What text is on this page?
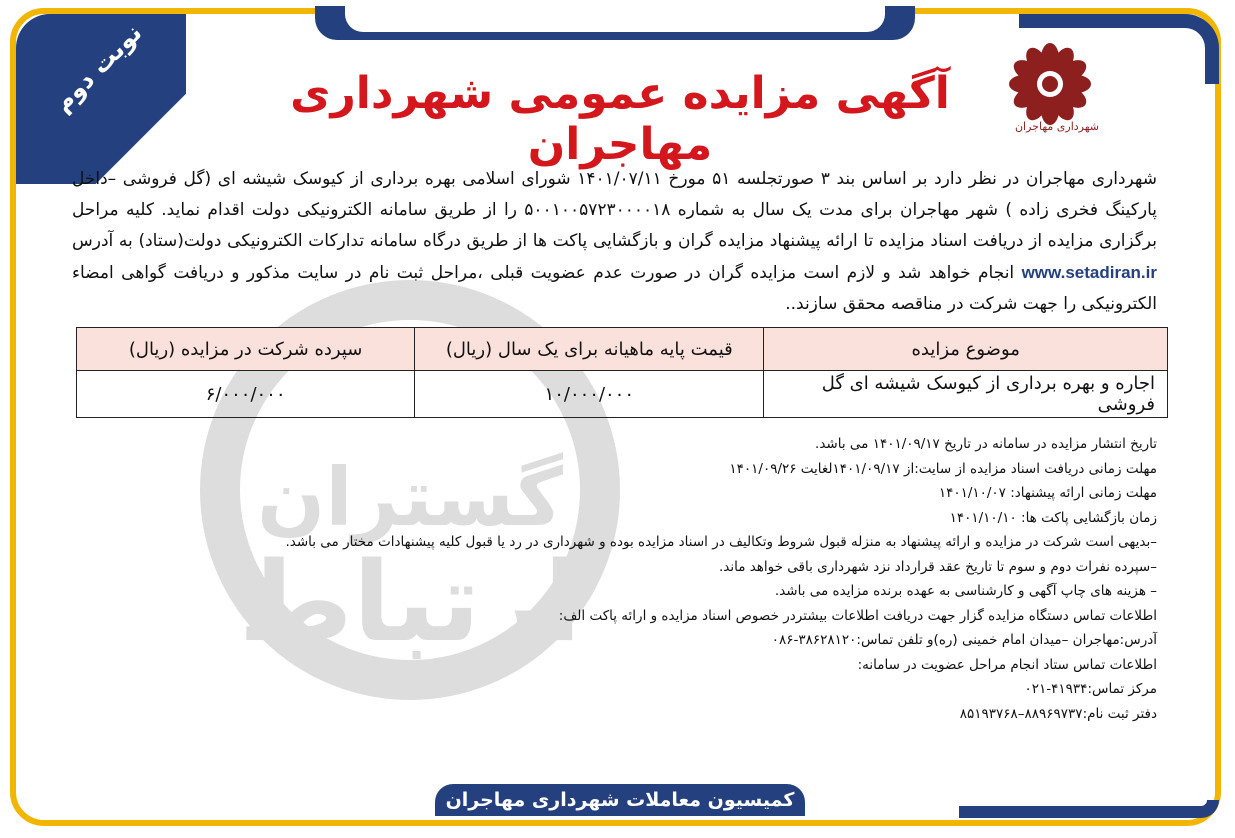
نوبت دوم
شهرداری مهاجران
آگهی مزایده عمومی شهرداری مهاجران

شهرداری مهاجران در نظر دارد بر اساس بند ۳ صورتجلسه ۵۱ مورخ ۱۴۰۱/۰۷/۱۱ شورای اسلامی بهره برداری از کیوسک شیشه ای (گل فروشی –داخل پارکینگ فخری زاده ) شهر مهاجران برای مدت یک سال به شماره ۵۰۰۱۰۰۵۷۲۳۰۰۰۰۱۸ را از طریق سامانه الکترونیکی دولت اقدام نماید. کلیه مراحل برگزاری مزایده از دریافت اسناد مزایده تا ارائه پیشنهاد مزایده گران و بازگشایی پاکت ها از طریق درگاه سامانه تدارکات الکترونیکی دولت(ستاد) به آدرس www.setadiran.ir انجام خواهد شد و لازم است مزایده گران در صورت عدم عضویت قبلی ،مراحل ثبت نام در سایت مذکور و دریافت گواهی امضاء الکترونیکی را جهت شرکت در مناقصه محقق سازند..

موضوع مزایده	قیمت پایه ماهیانه برای یک سال (ریال)	سپرده شرکت در مزایده (ریال)
اجاره و بهره برداری از کیوسک شیشه ای گل فروشی	۱۰/۰۰۰/۰۰۰	۶/۰۰۰/۰۰۰
تاریخ انتشار مزایده در سامانه در تاریخ ۱۴۰۱/۰۹/۱۷ می باشد.
مهلت زمانی دریافت اسناد مزایده از سایت:از ۱۴۰۱/۰۹/۱۷لغایت ۱۴۰۱/۰۹/۲۶
مهلت زمانی ارائه پیشنهاد: ۱۴۰۱/۱۰/۰۷
زمان بازگشایی پاکت ها: ۱۴۰۱/۱۰/۱۰
–بدیهی است شرکت در مزایده و ارائه پیشنهاد به منزله قبول شروط وتکالیف در اسناد مزایده بوده و شهرداری در رد یا قبول کلیه پیشنهادات مختار می باشد.
–سپرده نفرات دوم و سوم تا تاریخ عقد قرارداد نزد شهرداری باقی خواهد ماند.
– هزینه های چاپ آگهی و کارشناسی به عهده برنده مزایده می باشد.
اطلاعات تماس دستگاه مزایده گزار جهت دریافت اطلاعات بیشتردر خصوص اسناد مزایده و ارائه پاکت الف:
آدرس:مهاجران –میدان امام خمینی (ره)و تلفن تماس:۳۸۶۲۸۱۲۰-۰۸۶
اطلاعات تماس ستاد انجام مراحل عضویت در سامانه:
مرکز تماس:۴۱۹۳۴-۰۲۱
دفتر ثبت نام:۸۸۹۶۹۷۳۷–۸۵۱۹۳۷۶۸
کمیسیون معاملات شهرداری مهاجران
